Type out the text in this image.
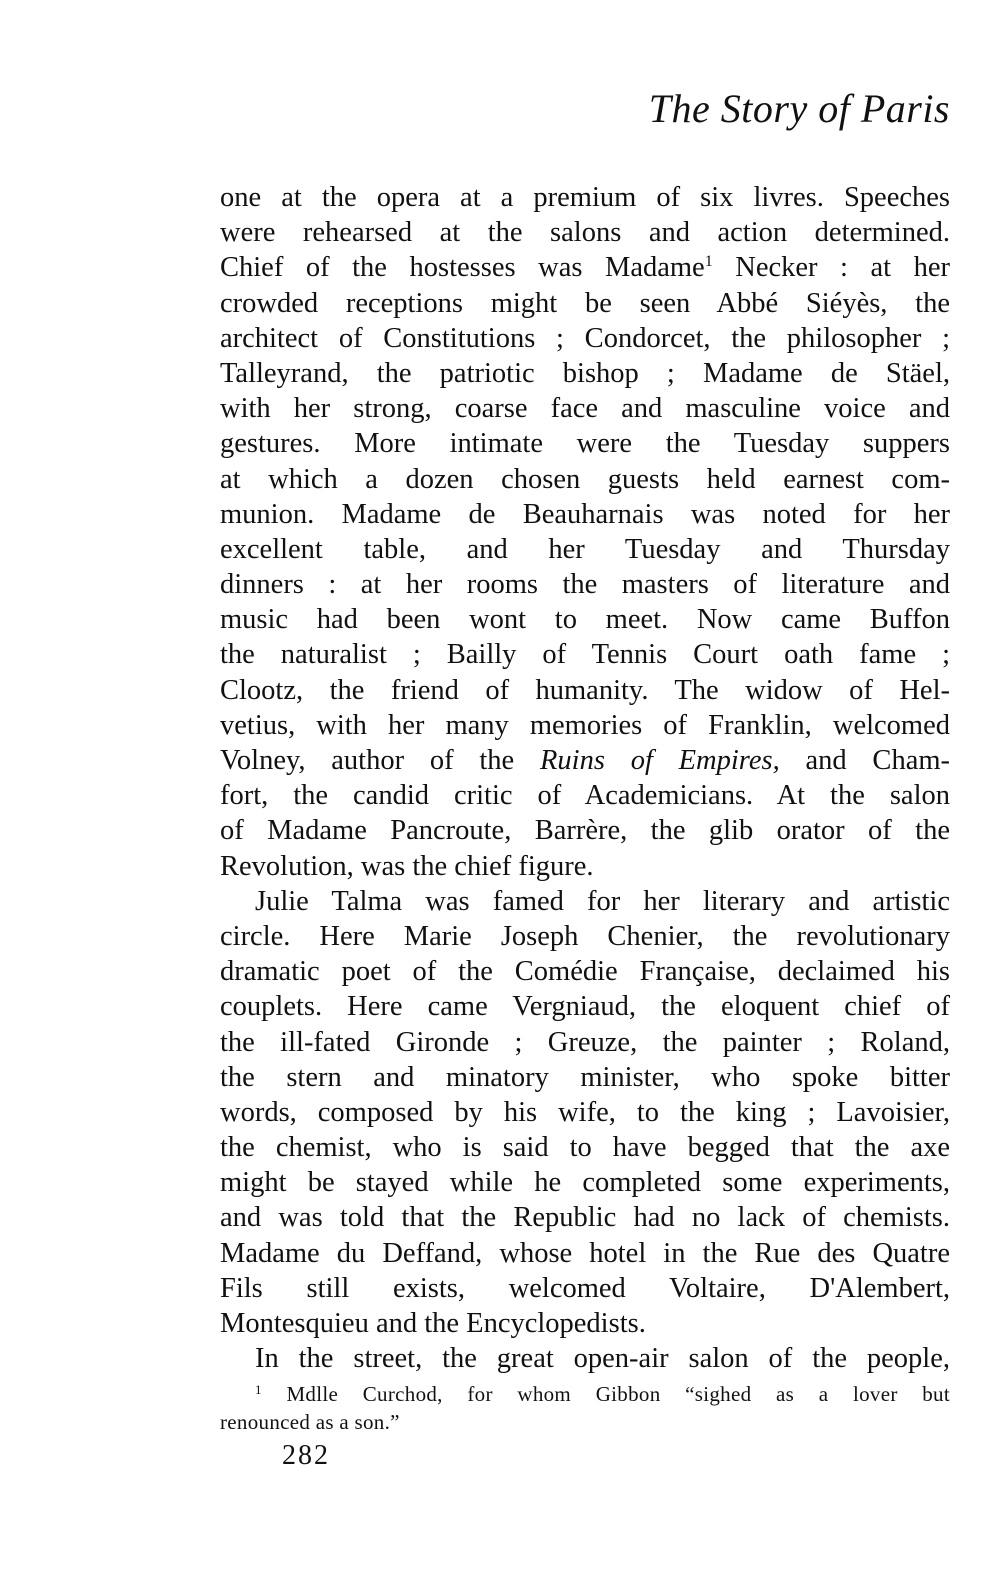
The Story of Paris
one at the opera at a premium of six livres. Speeches
were rehearsed at the salons and action determined.
Chief of the hostesses was Madame$^1$ Necker : at her
crowded receptions might be seen Abbé Siéyès, the
architect of Constitutions ; Condorcet, the philosopher ;
Talleyrand, the patriotic bishop ; Madame de Stäel,
with her strong, coarse face and masculine voice and
gestures. More intimate were the Tuesday suppers
at which a dozen chosen guests held earnest com-
munion. Madame de Beauharnais was noted for her
excellent table, and her Tuesday and Thursday
dinners : at her rooms the masters of literature and
music had been wont to meet. Now came Buffon
the naturalist ; Bailly of Tennis Court oath fame ;
Clootz, the friend of humanity. The widow of Hel-
vetius, with her many memories of Franklin, welcomed
Volney, author of the Ruins of Empires, and Cham-
fort, the candid critic of Academicians. At the salon
of Madame Pancroute, Barrère, the glib orator of the
Revolution, was the chief figure.
Julie Talma was famed for her literary and artistic
circle. Here Marie Joseph Chenier, the revolutionary
dramatic poet of the Comédie Française, declaimed his
couplets. Here came Vergniaud, the eloquent chief of
the ill-fated Gironde ; Greuze, the painter ; Roland,
the stern and minatory minister, who spoke bitter
words, composed by his wife, to the king ; Lavoisier,
the chemist, who is said to have begged that the axe
might be stayed while he completed some experiments,
and was told that the Republic had no lack of chemists.
Madame du Deffand, whose hotel in the Rue des Quatre
Fils still exists, welcomed Voltaire, D'Alembert,
Montesquieu and the Encyclopedists.
In the street, the great open-air salon of the people,
$^1$ Mdlle Curchod, for whom Gibbon “sighed as a lover but
renounced as a son.”
282
